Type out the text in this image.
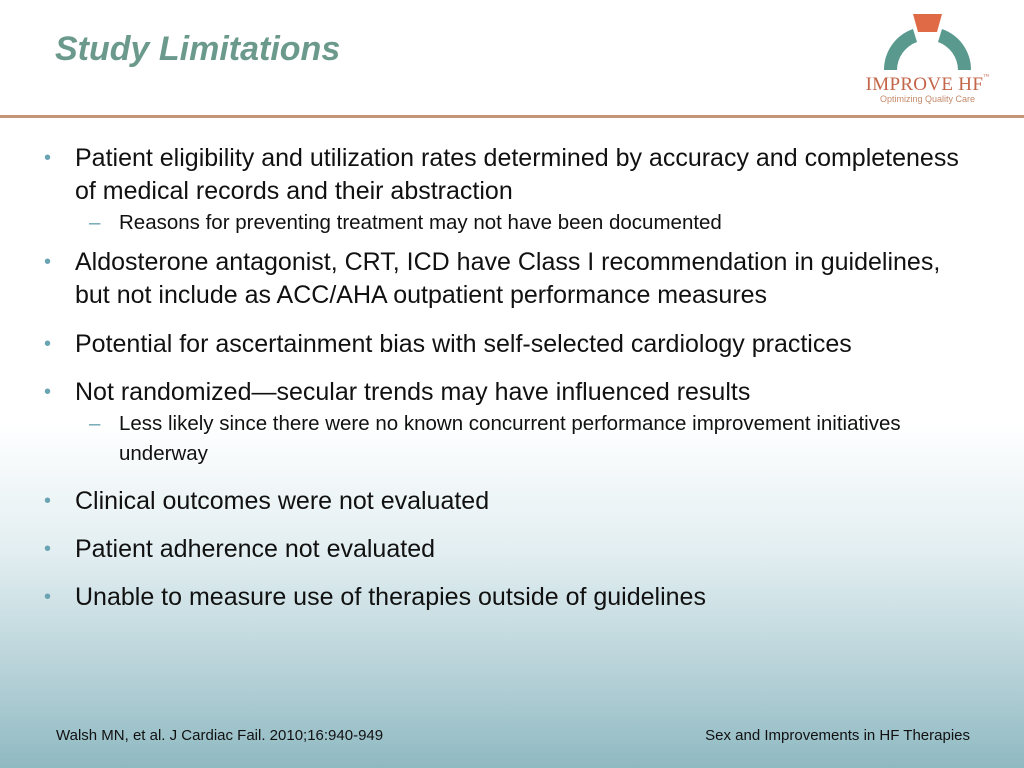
Study Limitations
IMPROVE HF™
Optimizing Quality Care
• Patient eligibility and utilization rates determined by accuracy and completeness of medical records and their abstraction
– Reasons for preventing treatment may not have been documented
• Aldosterone antagonist, CRT, ICD have Class I recommendation in guidelines, but not include as ACC/AHA outpatient performance measures
• Potential for ascertainment bias with self-selected cardiology practices
• Not randomized—secular trends may have influenced results
– Less likely since there were no known concurrent performance improvement initiatives underway
• Clinical outcomes were not evaluated
• Patient adherence not evaluated
• Unable to measure use of therapies outside of guidelines
Walsh MN, et al. J Cardiac Fail. 2010;16:940-949	Sex and Improvements in HF Therapies
